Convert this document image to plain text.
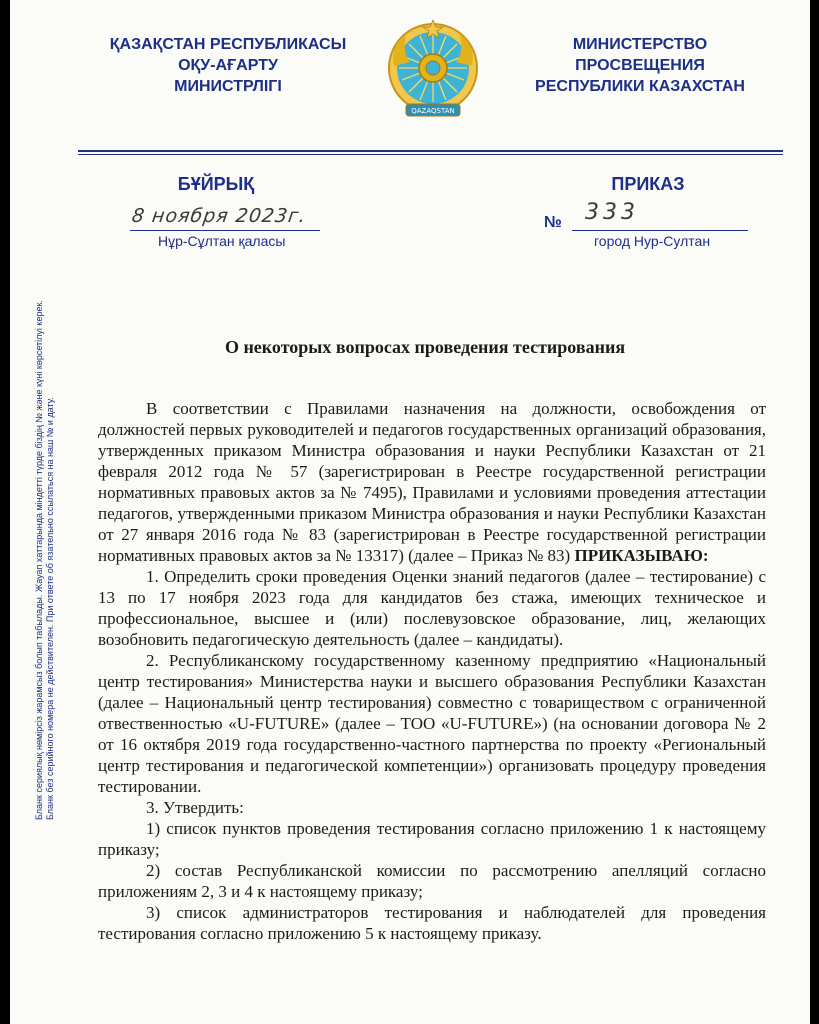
ҚАЗАҚСТАН РЕСПУБЛИКАСЫ
ОҚУ-АҒАРТУ
МИНИСТРЛІГІ
QAZAQSTAN
МИНИСТЕРСТВО
ПРОСВЕЩЕНИЯ
РЕСПУБЛИКИ КАЗАХСТАН
БҰЙРЫҚ	ПРИКАЗ
8 ноября 2023г.
Нұр-Сұлтан қаласы
№ 333
город Нур-Султан
Бланк сериялық нөмірсіз жарамсыз болып табылады. Жауап хаттарында міндетті түрде біздің № және күні көрсетілуі керек. Бланк без серийного номера не действителен. При ответе об язательно ссылаться на наш № и дату.
О некоторых вопросах проведения тестирования

В соответствии с Правилами назначения на должности, освобождения от должностей первых руководителей и педагогов государственных организаций образования, утвержденных приказом Министра образования и науки Республики Казахстан от 21 февраля 2012 года № 57 (зарегистрирован в Реестре государственной регистрации нормативных правовых актов за № 7495), Правилами и условиями проведения аттестации педагогов, утвержденными приказом Министра образования и науки Республики Казахстан от 27 января 2016 года № 83 (зарегистрирован в Реестре государственной регистрации нормативных правовых актов за № 13317) (далее – Приказ № 83) ПРИКАЗЫВАЮ:

1. Определить сроки проведения Оценки знаний педагогов (далее – тестирование) с 13 по 17 ноября 2023 года для кандидатов без стажа, имеющих техническое и профессиональное, высшее и (или) послевузовское образование, лиц, желающих возобновить педагогическую деятельность (далее – кандидаты).

2. Республиканскому государственному казенному предприятию «Национальный центр тестирования» Министерства науки и высшего образования Республики Казахстан (далее – Национальный центр тестирования) совместно с товариществом с ограниченной отвественностью «U-FUTURE» (далее – ТОО «U-FUTURE») (на основании договора № 2 от 16 октября 2019 года государственно-частного партнерства по проекту «Региональный центр тестирования и педагогической компетенции») организовать процедуру проведения тестировании.

3. Утвердить:

1) список пунктов проведения тестирования согласно приложению 1 к настоящему приказу;

2) состав Республиканской комиссии по рассмотрению апелляций согласно приложениям 2, 3 и 4 к настоящему приказу;

3) список администраторов тестирования и наблюдателей для проведения тестирования согласно приложению 5 к настоящему приказу.
